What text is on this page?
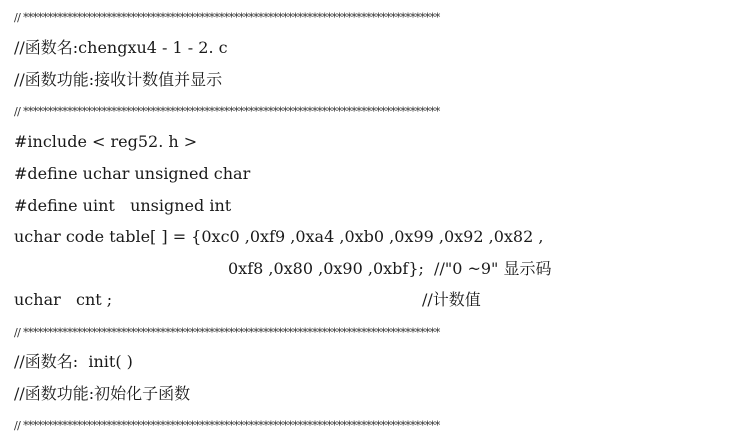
// *************************************************************************************
//函数名:chengxu4 - 1 - 2. c
//函数功能:接收计数值并显示
// *************************************************************************************
#include < reg52. h >
#define uchar unsigned char
#define uint   unsigned int
uchar code table[ ] = {0xc0 ,0xf9 ,0xa4 ,0xb0 ,0x99 ,0x92 ,0x82 ,
0xf8 ,0x80 ,0x90 ,0xbf};  //"0 ~9" 显示码
uchar   cnt ;	//计数值
// *************************************************************************************
//函数名:  init( )
//函数功能:初始化子函数
// *************************************************************************************
